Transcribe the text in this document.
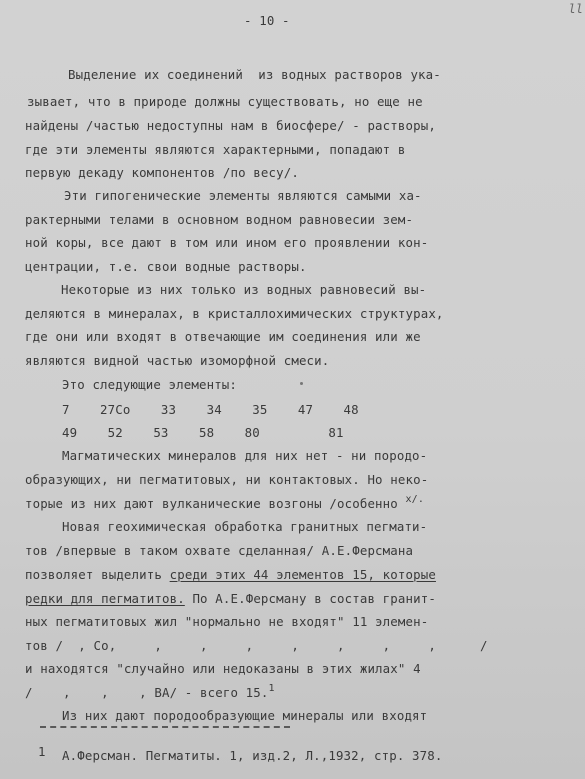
ll
- 10 -
Выделение их соединений  из водных растворов ука-
зывает, что в природе должны существовать, но еще не
найдены /частью недоступны нам в биосфере/ - растворы,
где эти элементы являются характерными, попадают в
первую декаду компонентов /по весу/.
Эти гипогенические элементы являются самыми ха-
рактерными телами в основном водном равновесии зем-
ной коры, все дают в том или ином его проявлении кон-
центрации, т.е. свои водные растворы.
Некоторые из них только из водных равновесий вы-
деляются в минералах, в кристаллохимических структурах,
где они или входят в отвечающие им соединения или же
являются видной частью изоморфной смеси.
Это следующие элементы:
7    27Co    33    34    35    47    48
49    52    53    58    80         81
Магматических минералов для них нет - ни породо-
образующих, ни пегматитовых, ни контактовых. Но неко-
торые из них дают вулканические возгоны /особенно $^{x/.}$
Новая геохимическая обработка гранитных пегмати-
тов /впервые в таком охвате сделанная/ А.Е.Ферсмана
позволяет выделить среди этих 44 элементов 15, которые
редки для пегматитов. По А.Е.Ферсману в состав гранит-
ных пегматитовых жил "нормально не входят" 11 элемен-
тов /  , Co,     ,     ,     ,     ,     ,     ,     ,	/
и находятся "случайно или недоказаны в этих жилах" 4
/    ,    ,    , BA/ - всего 15.$^1$
Из них дают породообразующие минералы или входят
1 А.Ферсман. Пегматиты. 1, изд.2, Л.,1932, стр. 378.
